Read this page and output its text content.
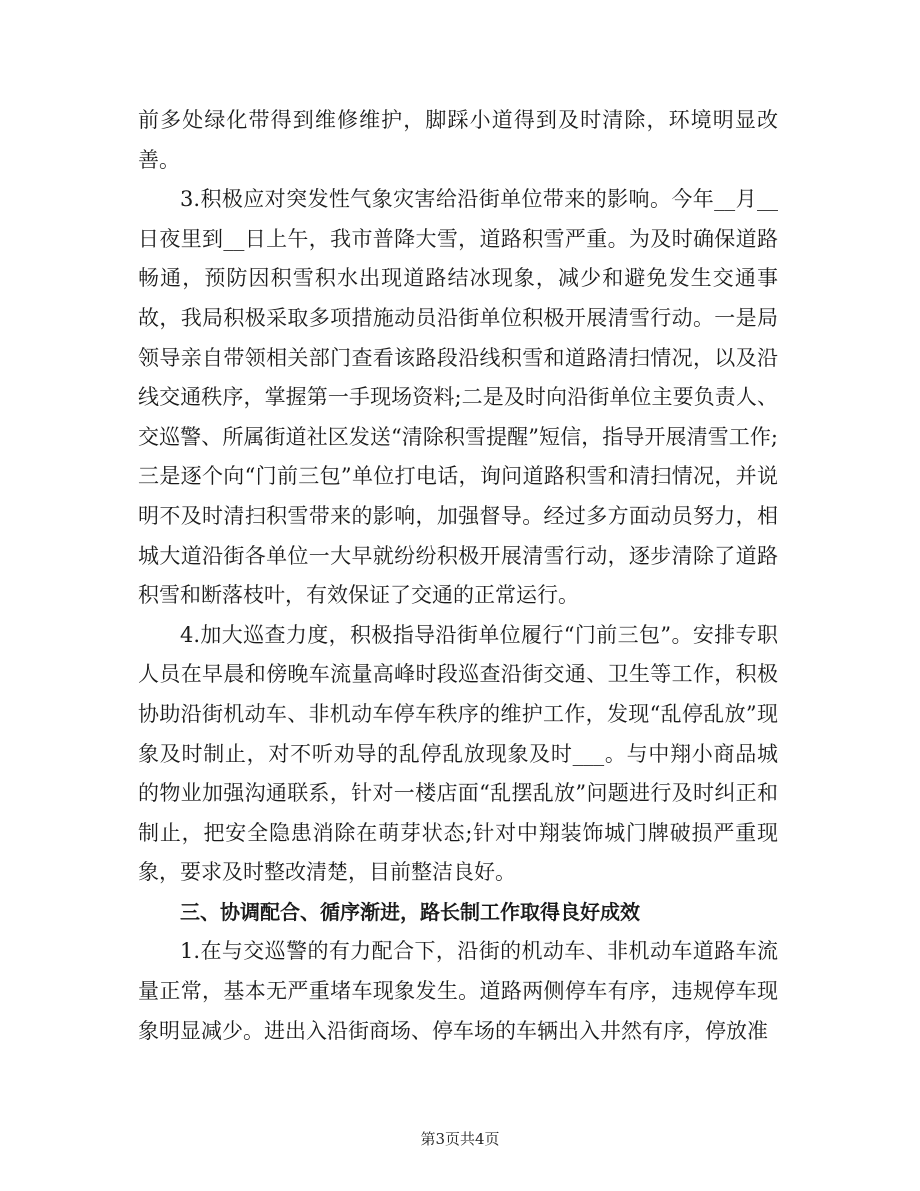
前多处绿化带得到维修维护，脚踩小道得到及时清除，环境明显改善。

3.积极应对突发性气象灾害给沿街单位带来的影响。今年__月__日夜里到__日上午，我市普降大雪，道路积雪严重。为及时确保道路畅通，预防因积雪积水出现道路结冰现象，减少和避免发生交通事故，我局积极采取多项措施动员沿街单位积极开展清雪行动。一是局领导亲自带领相关部门查看该路段沿线积雪和道路清扫情况，以及沿线交通秩序，掌握第一手现场资料;二是及时向沿街单位主要负责人、交巡警、所属街道社区发送“清除积雪提醒”短信，指导开展清雪工作;三是逐个向“门前三包”单位打电话，询问道路积雪和清扫情况，并说明不及时清扫积雪带来的影响，加强督导。经过多方面动员努力，相城大道沿街各单位一大早就纷纷积极开展清雪行动，逐步清除了道路积雪和断落枝叶，有效保证了交通的正常运行。

4.加大巡查力度，积极指导沿街单位履行“门前三包”。安排专职人员在早晨和傍晚车流量高峰时段巡查沿街交通、卫生等工作，积极协助沿街机动车、非机动车停车秩序的维护工作，发现“乱停乱放”现象及时制止，对不听劝导的乱停乱放现象及时___。与中翔小商品城的物业加强沟通联系，针对一楼店面“乱摆乱放”问题进行及时纠正和制止，把安全隐患消除在萌芽状态;针对中翔装饰城门牌破损严重现象，要求及时整改清楚，目前整洁良好。

三、协调配合、循序渐进，路长制工作取得良好成效

1.在与交巡警的有力配合下，沿街的机动车、非机动车道路车流量正常，基本无严重堵车现象发生。道路两侧停车有序，违规停车现象明显减少。进出入沿街商场、停车场的车辆出入井然有序，停放准

第3页共4页
